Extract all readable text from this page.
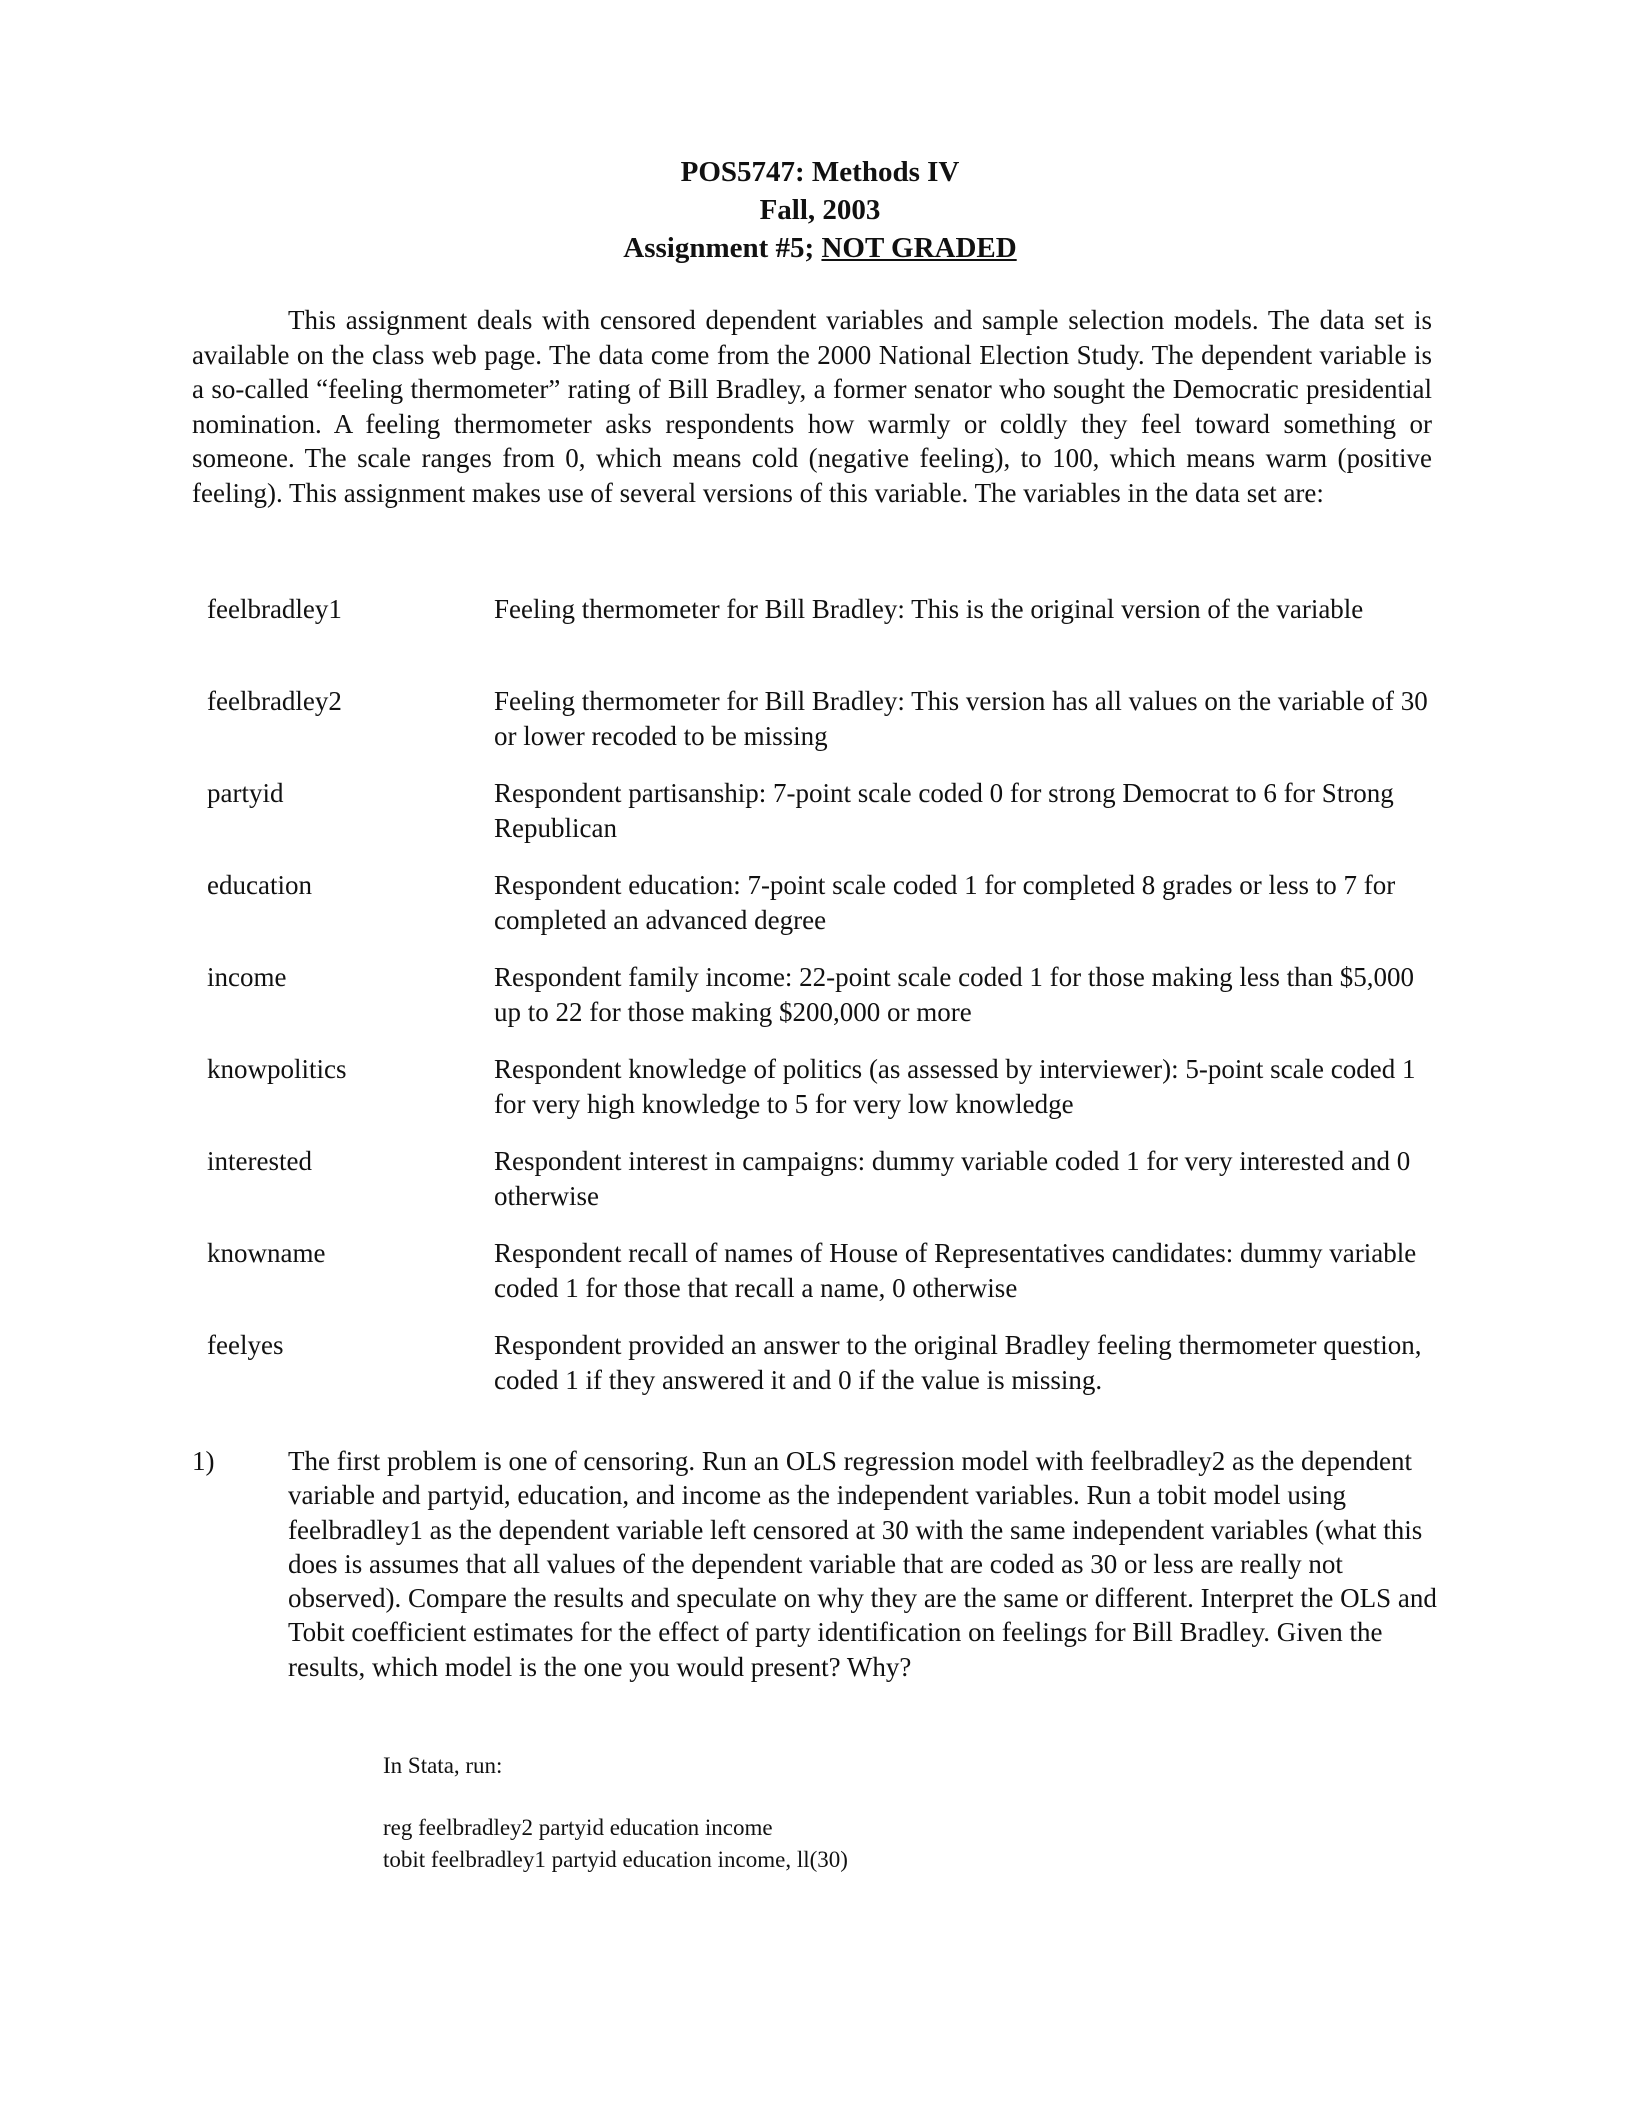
POS5747: Methods IV
Fall, 2003
Assignment #5; NOT GRADED
This assignment deals with censored dependent variables and sample selection models. The data set is available on the class web page. The data come from the 2000 National Election Study. The dependent variable is a so-called “feeling thermometer” rating of Bill Bradley, a former senator who sought the Democratic presidential nomination. A feeling thermometer asks respondents how warmly or coldly they feel toward something or someone. The scale ranges from 0, which means cold (negative feeling), to 100, which means warm (positive feeling). This assignment makes use of several versions of this variable. The variables in the data set are:
feelbradley1	Feeling thermometer for Bill Bradley: This is the original version of the variable
feelbradley2	Feeling thermometer for Bill Bradley: This version has all values on the variable of 30 or lower recoded to be missing
partyid	Respondent partisanship: 7-point scale coded 0 for strong Democrat to 6 for Strong Republican
education	Respondent education: 7-point scale coded 1 for completed 8 grades or less to 7 for completed an advanced degree
income	Respondent family income: 22-point scale coded 1 for those making less than $5,000 up to 22 for those making $200,000 or more
knowpolitics	Respondent knowledge of politics (as assessed by interviewer): 5-point scale coded 1 for very high knowledge to 5 for very low knowledge
interested	Respondent interest in campaigns: dummy variable coded 1 for very interested and 0 otherwise
knowname	Respondent recall of names of House of Representatives candidates: dummy variable coded 1 for those that recall a name, 0 otherwise
feelyes	Respondent provided an answer to the original Bradley feeling thermometer question, coded 1 if they answered it and 0 if the value is missing.
1)	The first problem is one of censoring. Run an OLS regression model with feelbradley2 as the dependent variable and partyid, education, and income as the independent variables. Run a tobit model using feelbradley1 as the dependent variable left censored at 30 with the same independent variables (what this does is assumes that all values of the dependent variable that are coded as 30 or less are really not observed). Compare the results and speculate on why they are the same or different. Interpret the OLS and Tobit coefficient estimates for the effect of party identification on feelings for Bill Bradley. Given the results, which model is the one you would present? Why?
In Stata, run:
reg feelbradley2 partyid education income
tobit feelbradley1 partyid education income, ll(30)
